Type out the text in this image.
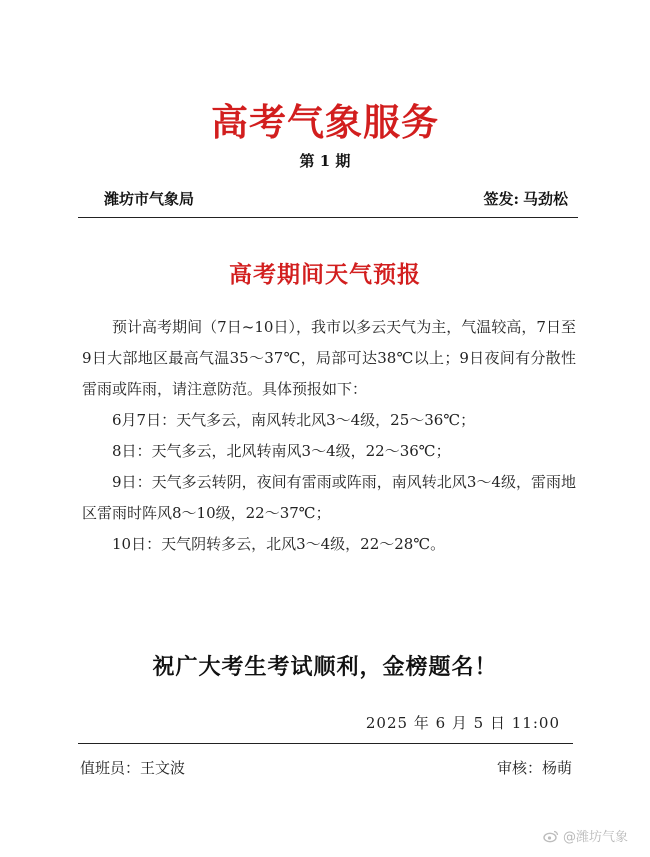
高考气象服务
第 1 期
潍坊市气象局	签发: 马劲松
高考期间天气预报

预计高考期间（7日~10日），我市以多云天气为主，气温较高，7日至9日大部地区最高气温35～37℃，局部可达38℃以上；9日夜间有分散性雷雨或阵雨，请注意防范。具体预报如下：

6月7日：天气多云，南风转北风3～4级，25～36℃；

8日：天气多云，北风转南风3～4级，22～36℃；

9日：天气多云转阴，夜间有雷雨或阵雨，南风转北风3～4级，雷雨地区雷雨时阵风8～10级，22～37℃；

10日：天气阴转多云，北风3～4级，22～28℃。

祝广大考生考试顺利，金榜题名！
2025 年 6 月 5 日 11:00
值班员：王文波	审核：杨萌
@潍坊气象
